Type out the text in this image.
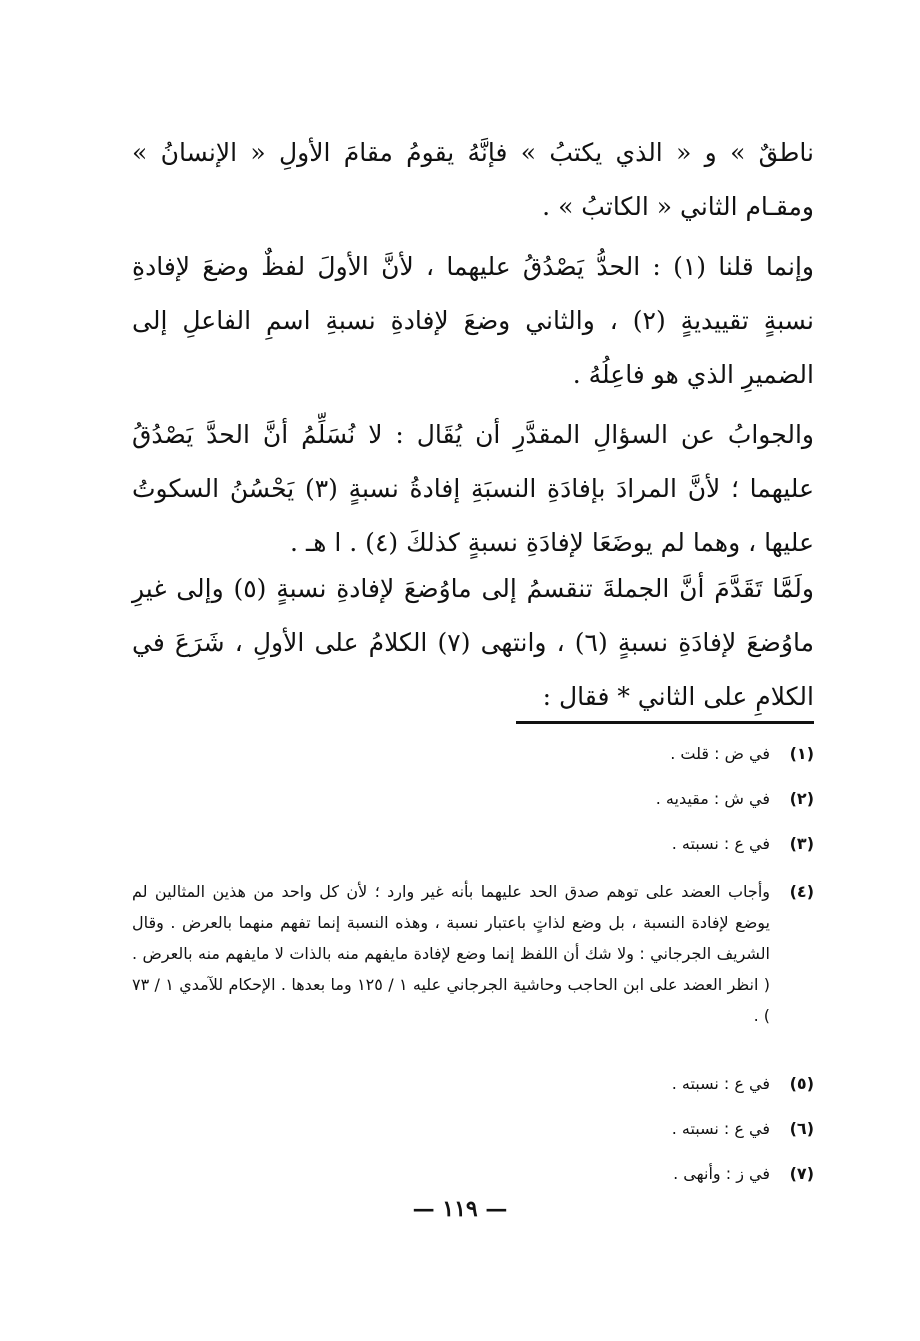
ناطقٌ » و « الذي يكتبُ » فإنَّهُ يقومُ مقامَ الأولِ « الإنسانُ » ومقـام الثاني « الكاتبُ » .

وإنما قلنا (١) : الحدُّ يَصْدُقُ عليهما ، لأنَّ الأولَ لفظٌ وضعَ لإفادةِ نسبةٍ تقييديةٍ (٢) ، والثاني وضعَ لإفادةِ نسبةِ اسمِ الفاعلِ إلى الضميرِ الذي هو فاعِلُهُ .

والجوابُ عن السؤالِ المقدَّرِ أن يُقَال : لا نُسَلِّمُ أنَّ الحدَّ يَصْدُقُ عليهما ؛ لأنَّ المرادَ بإفادَةِ النسبَةِ إفادةُ نسبةٍ (٣) يَحْسُنُ السكوتُ عليها ، وهما لم يوضَعَا لإفادَةِ نسبةٍ كذلكَ (٤) . ا هـ .

ولَمَّا تَقَدَّمَ أنَّ الجملةَ تنقسمُ إلى ماوُضعَ لإفادةِ نسبةٍ (٥) وإلى غيرِ ماوُضعَ لإفادَةِ نسبةٍ (٦) ، وانتهى (٧) الكلامُ على الأولِ ، شَرَعَ في الكلامِ على الثاني * فقال :

(١)
في ض : قلت .

(٢)
في ش : مقيديه .

(٣)
في ع : نسبته .

(٤)
وأجاب العضد على توهم صدق الحد عليهما بأنه غير وارد ؛ لأن كل واحد من هذين المثالين لم يوضع لإفادة النسبة ، بل وضع لذاتٍ باعتبار نسبة ، وهذه النسبة إنما تفهم منهما بالعرض . وقال الشريف الجرجاني : ولا شك أن اللفظ إنما وضع لإفادة مايفهم منه بالذات لا مايفهم منه بالعرض . ( انظر العضد على ابن الحاجب وحاشية الجرجاني عليه ١ / ١٢٥ وما بعدها . الإحكام للآمدي ١ / ٧٣ ) .

(٥)
في ع : نسبته .

(٦)
في ع : نسبته .

(٧)
في ز : وأنهى .

— ١١٩ —
